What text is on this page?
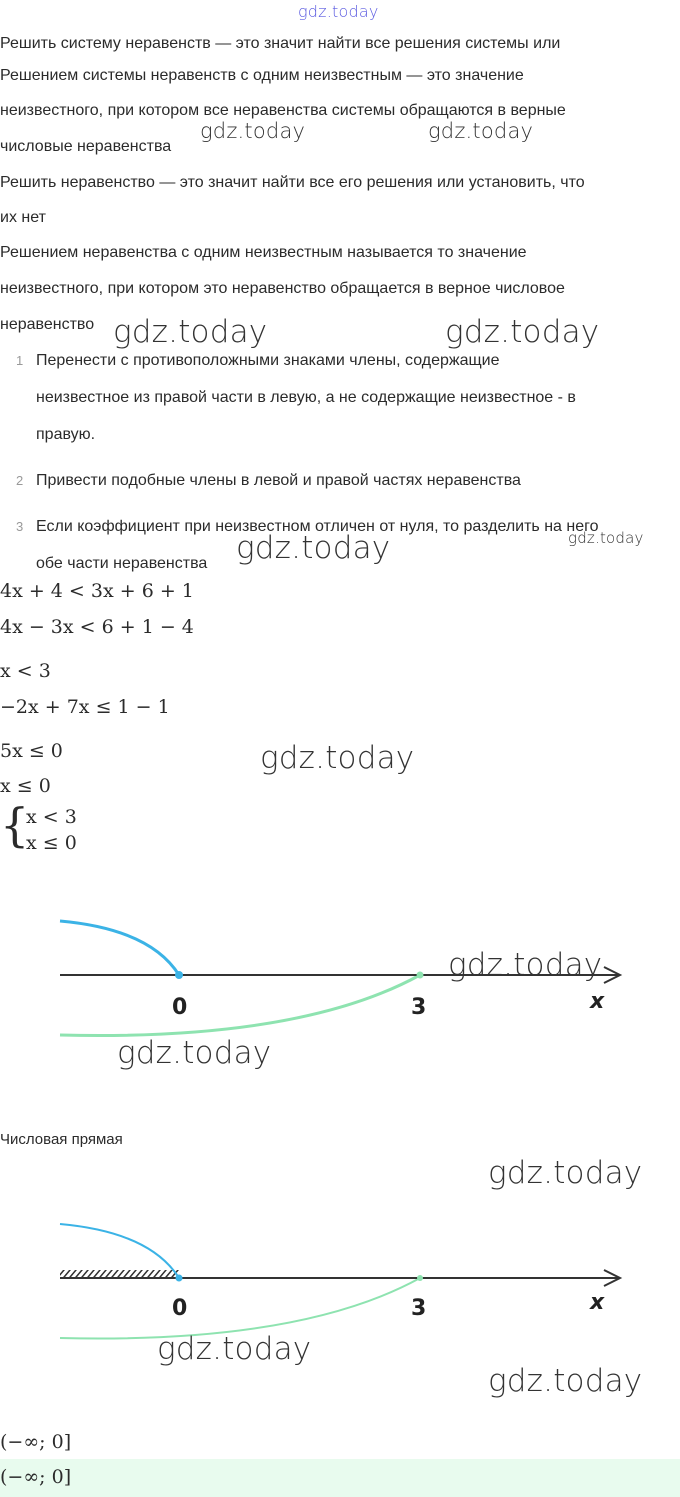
gdz.today

Решить систему неравенств — это значит найти все решения системы или

Решением системы неравенств с одним неизвестным — это значение

неизвестного, при котором все неравенства системы обращаются в верные

числовые неравенства

Решить неравенство — это значит найти все его решения или установить, что

их нет

Решением неравенства с одним неизвестным называется то значение

неизвестного, при котором это неравенство обращается в верное числовое

неравенство

gdz.today	gdz.today
gdz.today	gdz.today
1 Перенести с противоположными знаками члены, содержащие
неизвестное из правой части в левую, а не содержащие неизвестное - в
правую.
2 Привести подобные члены в левой и правой частях неравенства
3 Если коэффициент при неизвестном отличен от нуля, то разделить на него
обе части неравенства gdz.today	gdz.today
4x + 4 < 3x + 6 + 1
4x − 3x < 6 + 1 − 4
x < 3
−2x + 7x ≤ 1 − 1
5x ≤ 0
x ≤ 0
gdz.today
{
x < 3
x ≤ 0
0	3	x
gdz.today
gdz.today
Числовая прямая
gdz.today
0	3	x
gdz.today
gdz.today
(−∞; 0]
(−∞; 0]
